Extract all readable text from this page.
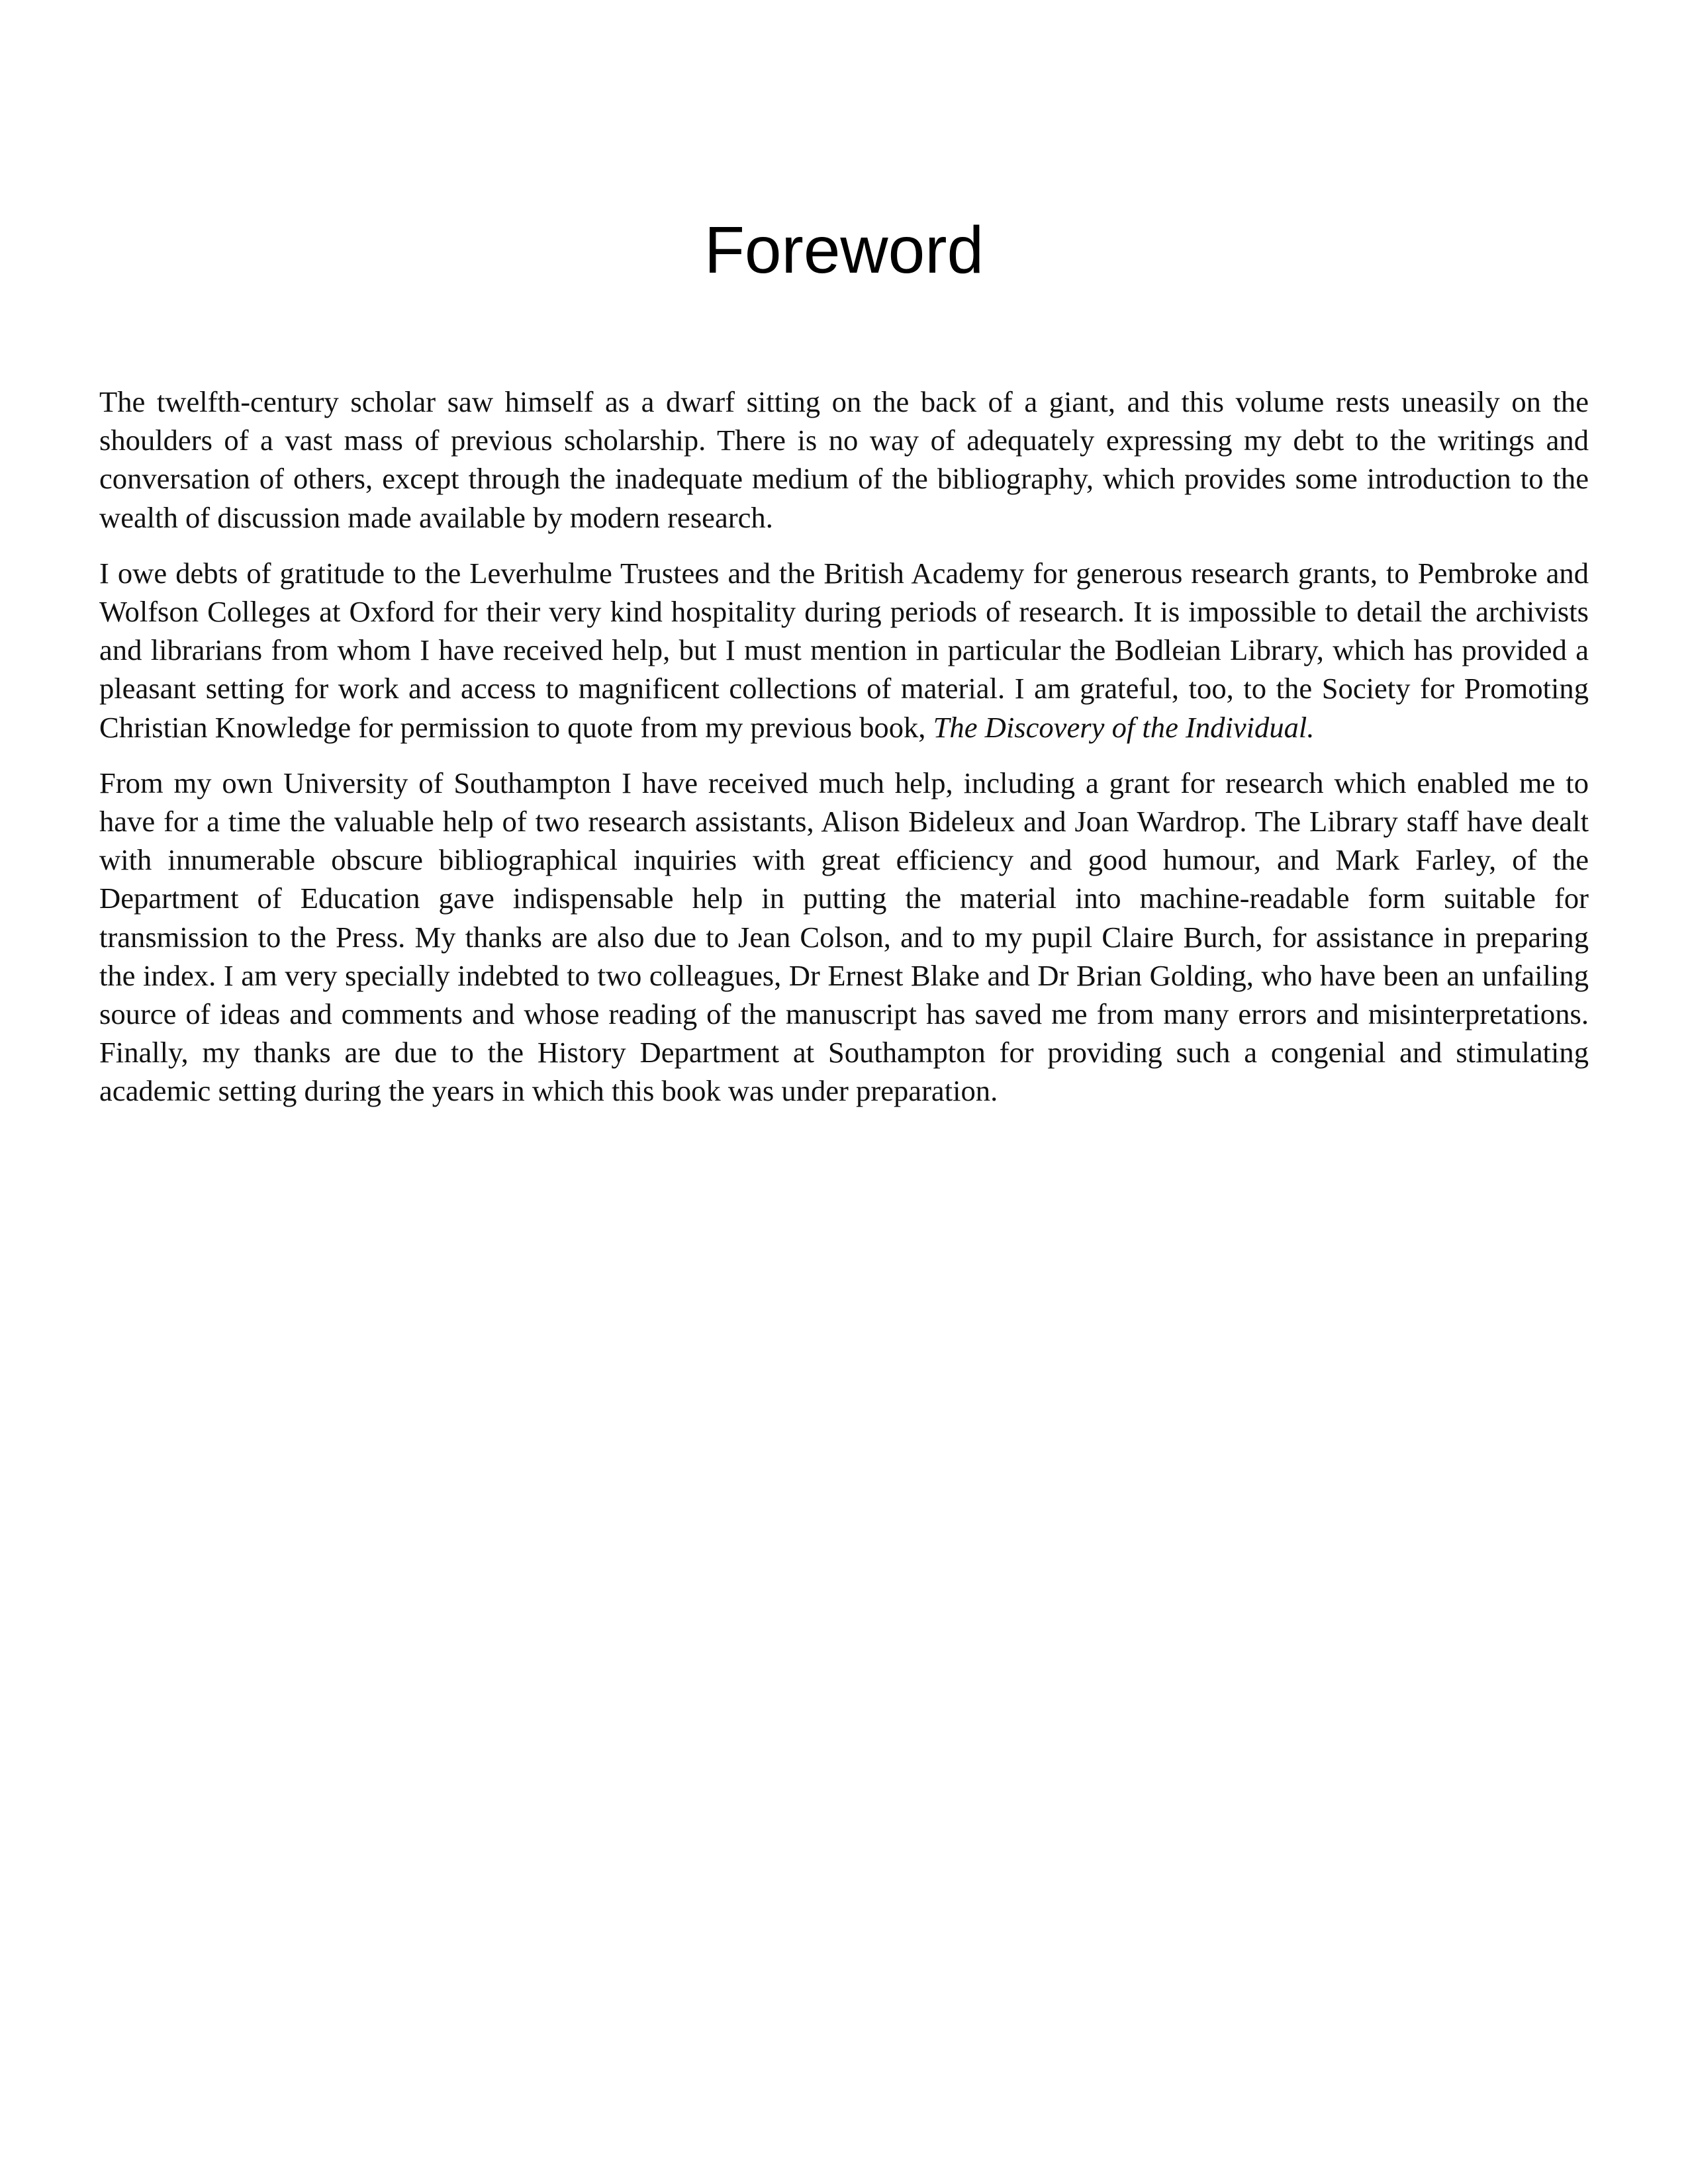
Foreword

The twelfth-century scholar saw himself as a dwarf sitting on the back of a giant, and this volume rests uneasily on the shoulders of a vast mass of previous scholarship. There is no way of adequately expressing my debt to the writings and conversation of others, except through the inadequate medium of the bibliography, which provides some introduction to the wealth of discussion made available by modern research.

I owe debts of gratitude to the Leverhulme Trustees and the British Academy for generous research grants, to Pembroke and Wolfson Colleges at Oxford for their very kind hospitality during periods of research. It is impossible to detail the archivists and librarians from whom I have received help, but I must mention in particular the Bodleian Library, which has provided a pleasant setting for work and access to magnificent collections of material. I am grateful, too, to the Society for Promoting Christian Knowledge for permission to quote from my previous book, The Discovery of the Individual.

From my own University of Southampton I have received much help, including a grant for research which enabled me to have for a time the valuable help of two research assistants, Alison Bideleux and Joan Wardrop. The Library staff have dealt with innumerable obscure bibliographical inquiries with great efficiency and good humour, and Mark Farley, of the Department of Education gave indispensable help in putting the material into machine-readable form suitable for transmission to the Press. My thanks are also due to Jean Colson, and to my pupil Claire Burch, for assistance in preparing the index. I am very specially indebted to two colleagues, Dr Ernest Blake and Dr Brian Golding, who have been an unfailing source of ideas and comments and whose reading of the manuscript has saved me from many errors and misinterpretations. Finally, my thanks are due to the History Department at Southampton for providing such a congenial and stimulating academic setting during the years in which this book was under preparation.
